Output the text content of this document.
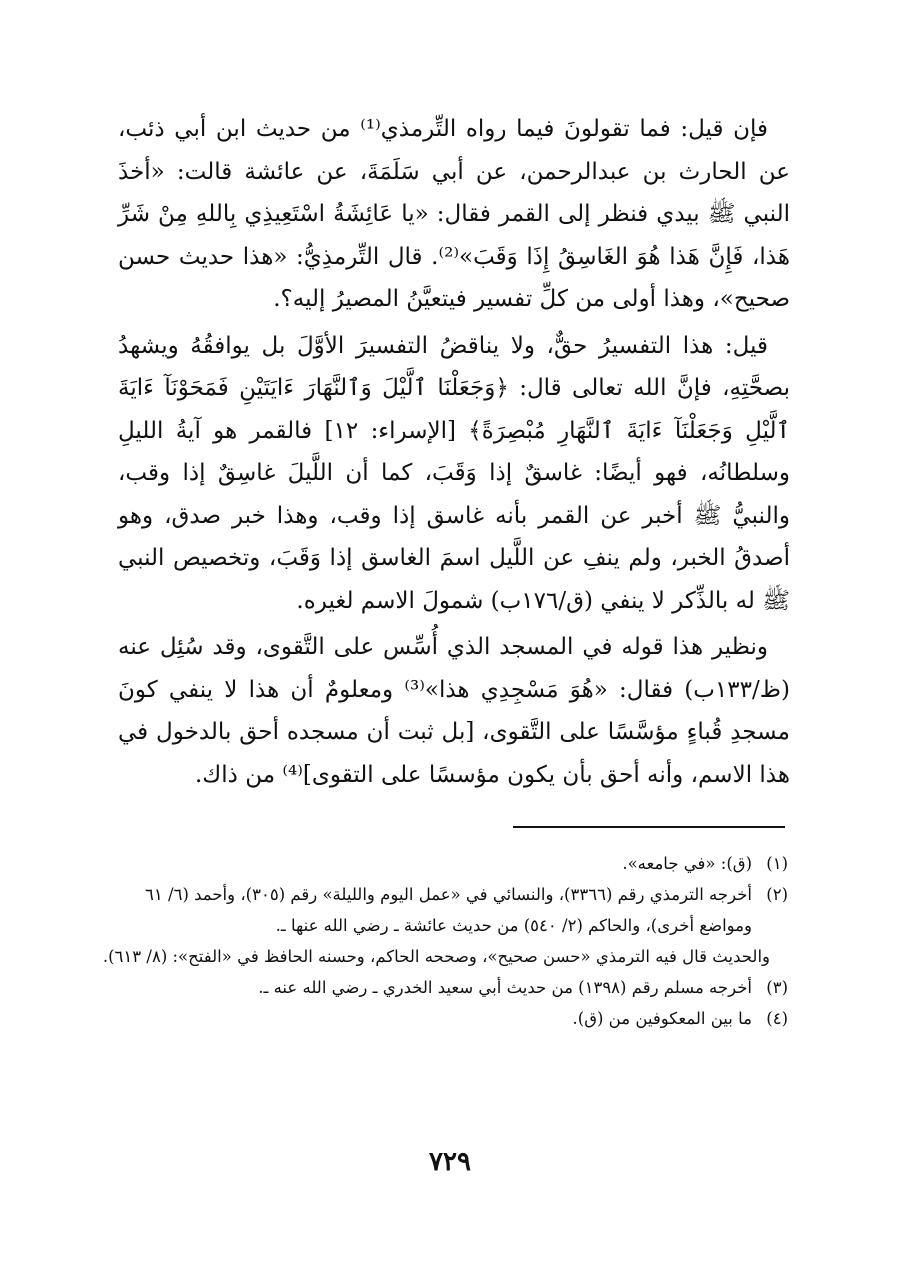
فإن قيل: فما تقولونَ فيما رواه التِّرمذي⁽¹⁾ من حديث ابن أبي ذئب، عن الحارث بن عبدالرحمن، عن أبي سَلَمَةَ، عن عائشة قالت: «أخذَ النبي ﷺ بيدي فنظر إلى القمر فقال: «يا عَائِشَةُ اسْتَعِيذِي بِاللهِ مِنْ شَرِّ هَذا، فَإِنَّ هَذا هُوَ الغَاسِقُ إِذَا وَقَبَ»⁽²⁾. قال التِّرمذِيُّ: «هذا حديث حسن صحيح»، وهذا أولى من كلِّ تفسير فيتعيَّنُ المصيرُ إليه؟.

قيل: هذا التفسيرُ حقٌّ، ولا يناقضُ التفسيرَ الأوَّلَ بل يوافقُهُ ويشهدُ بصحَّتِهِ، فإنَّ الله تعالى قال: ﴿وَجَعَلْنَا ٱلَّيْلَ وَٱلنَّهَارَ ءَايَتَيْنِ فَمَحَوْنَآ ءَايَةَ ٱلَّيْلِ وَجَعَلْنَآ ءَايَةَ ٱلنَّهَارِ مُبْصِرَةً﴾ [الإسراء: ١٢] فالقمر هو آيةُ الليلِ وسلطانُه، فهو أيضًا: غاسقٌ إذا وَقَبَ، كما أن اللَّيلَ غاسِقٌ إذا وقب، والنبيُّ ﷺ أخبر عن القمر بأنه غاسق إذا وقب، وهذا خبر صدق، وهو أصدقُ الخبر، ولم ينفِ عن اللَّيل اسمَ الغاسق إذا وَقَبَ، وتخصيص النبي ﷺ له بالذِّكر لا ينفي (ق/١٧٦ب) شمولَ الاسم لغيره.

ونظير هذا قوله في المسجد الذي أُسِّس على التَّقوى، وقد سُئِل عنه (ظ/١٣٣ب) فقال: «هُوَ مَسْجِدِي هذا»⁽³⁾ ومعلومٌ أن هذا لا ينفي كونَ مسجدِ قُباءٍ مؤسَّسًا على التَّقوى، [بل ثبت أن مسجده أحق بالدخول في هذا الاسم، وأنه أحق بأن يكون مؤسسًا على التقوى]⁽⁴⁾ من ذاك.

(١)(ق): «في جامعه».

(٢)أخرجه الترمذي رقم (٣٣٦٦)، والنسائي في «عمل اليوم والليلة» رقم (٣٠٥)، وأحمد (٦/ ٦١ ومواضع أخرى)، والحاكم (٢/ ٥٤٠) من حديث عائشة ـ رضي الله عنها ـ.

والحديث قال فيه الترمذي «حسن صحيح»، وصححه الحاكم، وحسنه الحافظ في «الفتح»: (٨/ ٦١٣).

(٣)أخرجه مسلم رقم (١٣٩٨) من حديث أبي سعيد الخدري ـ رضي الله عنه ـ.

(٤)ما بين المعكوفين من (ق).

٧٢٩
